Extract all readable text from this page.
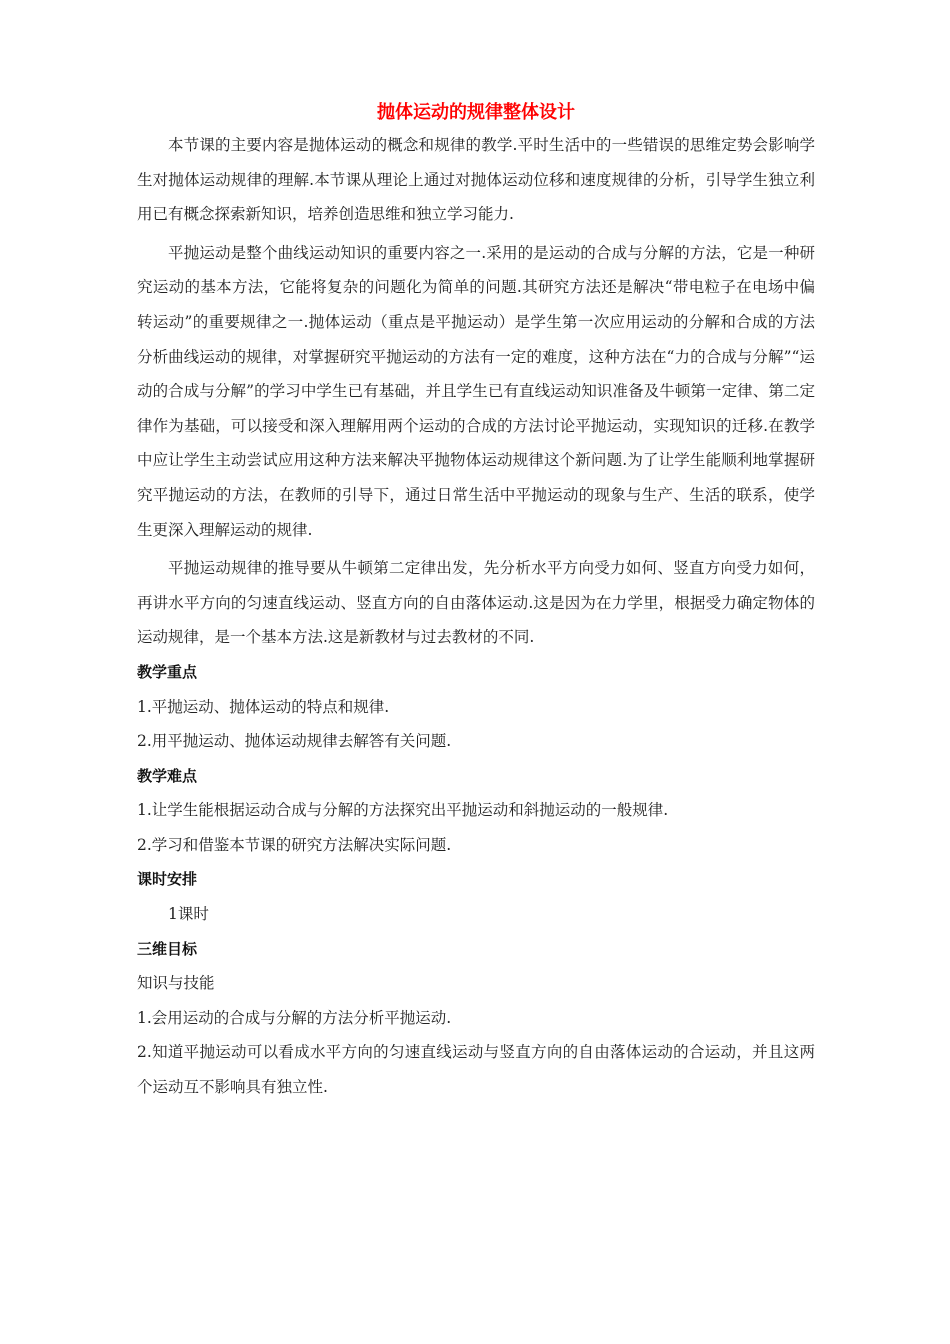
抛体运动的规律整体设计

本节课的主要内容是抛体运动的概念和规律的教学.平时生活中的一些错误的思维定势会影响学生对抛体运动规律的理解.本节课从理论上通过对抛体运动位移和速度规律的分析，引导学生独立利用已有概念探索新知识，培养创造思维和独立学习能力.

平抛运动是整个曲线运动知识的重要内容之一.采用的是运动的合成与分解的方法，它是一种研究运动的基本方法，它能将复杂的问题化为简单的问题.其研究方法还是解决“带电粒子在电场中偏转运动”的重要规律之一.抛体运动（重点是平抛运动）是学生第一次应用运动的分解和合成的方法分析曲线运动的规律，对掌握研究平抛运动的方法有一定的难度，这种方法在“力的合成与分解”“运动的合成与分解”的学习中学生已有基础，并且学生已有直线运动知识准备及牛顿第一定律、第二定律作为基础，可以接受和深入理解用两个运动的合成的方法讨论平抛运动，实现知识的迁移.在教学中应让学生主动尝试应用这种方法来解决平抛物体运动规律这个新问题.为了让学生能顺利地掌握研究平抛运动的方法，在教师的引导下，通过日常生活中平抛运动的现象与生产、生活的联系，使学生更深入理解运动的规律.

平抛运动规律的推导要从牛顿第二定律出发，先分析水平方向受力如何、竖直方向受力如何，再讲水平方向的匀速直线运动、竖直方向的自由落体运动.这是因为在力学里，根据受力确定物体的运动规律，是一个基本方法.这是新教材与过去教材的不同.

教学重点

1.平抛运动、抛体运动的特点和规律.

2.用平抛运动、抛体运动规律去解答有关问题.

教学难点

1.让学生能根据运动合成与分解的方法探究出平抛运动和斜抛运动的一般规律.

2.学习和借鉴本节课的研究方法解决实际问题.

课时安排

1课时

三维目标

知识与技能

1.会用运动的合成与分解的方法分析平抛运动.

2.知道平抛运动可以看成水平方向的匀速直线运动与竖直方向的自由落体运动的合运动，并且这两个运动互不影响具有独立性.
